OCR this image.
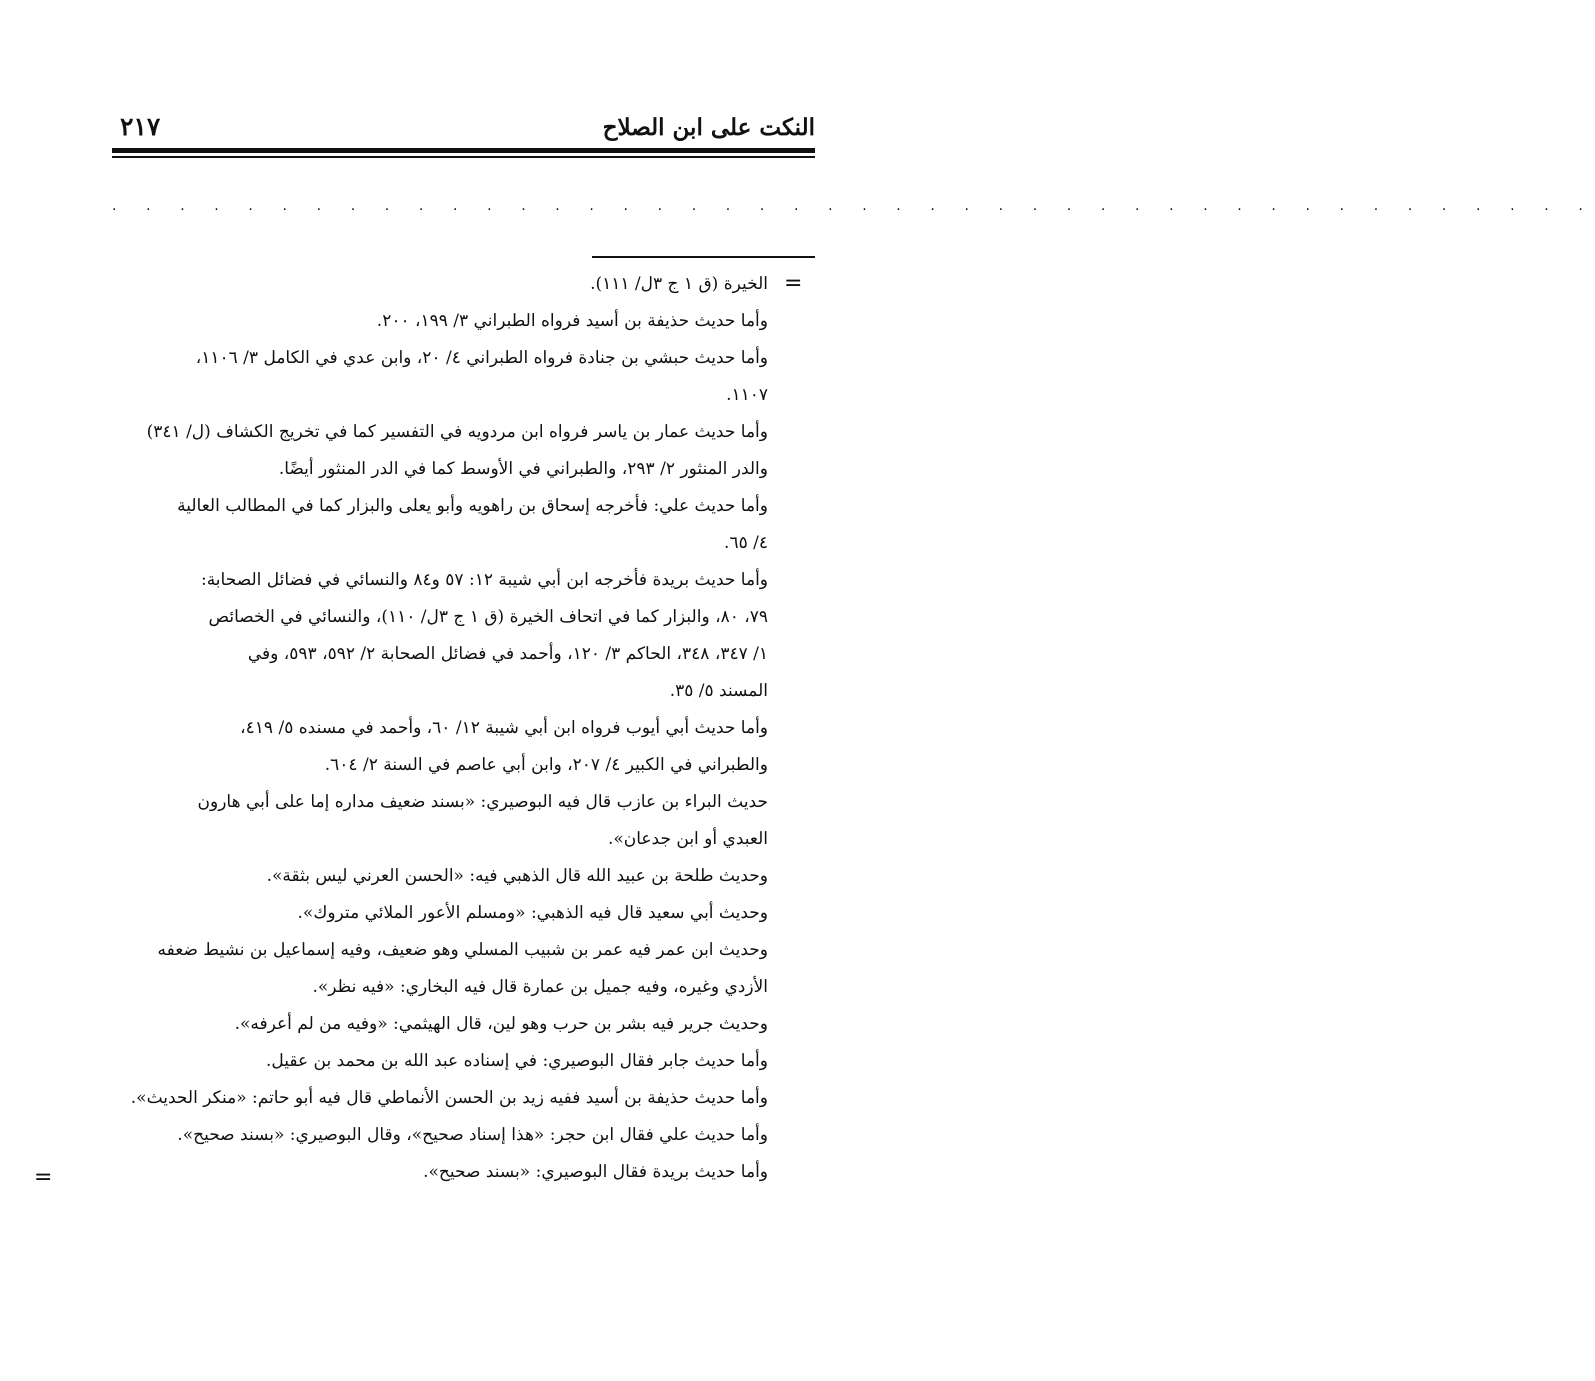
النكت على ابن الصلاح
٢١٧
. . . . . . . . . . . . . . . . . . . . . . . . . . . . . . . . . . . . . . . . . . . .
=

الخيرة (ق ١ ج ٣ل/ ١١١).

وأما حديث حذيفة بن أسيد فرواه الطبراني ٣/ ١٩٩، ٢٠٠.

وأما حديث حبشي بن جنادة فرواه الطبراني ٤/ ٢٠، وابن عدي في الكامل ٣/ ١١٠٦،

١١٠٧.

وأما حديث عمار بن ياسر فرواه ابن مردويه في التفسير كما في تخريج الكشاف (ل/ ٣٤١)

والدر المنثور ٢/ ٢٩٣، والطبراني في الأوسط كما في الدر المنثور أيضًا.

وأما حديث علي: فأخرجه إسحاق بن راهويه وأبو يعلى والبزار كما في المطالب العالية

٤/ ٦٥.

وأما حديث بريدة فأخرجه ابن أبي شيبة ١٢: ٥٧ و٨٤ والنسائي في فضائل الصحابة:

٧٩، ٨٠، والبزار كما في اتحاف الخيرة (ق ١ ج ٣ل/ ١١٠)، والنسائي في الخصائص

١/ ٣٤٧، ٣٤٨، الحاكم ٣/ ١٢٠، وأحمد في فضائل الصحابة ٢/ ٥٩٢، ٥٩٣، وفي

المسند ٥/ ٣٥.

وأما حديث أبي أيوب فرواه ابن أبي شيبة ١٢/ ٦٠، وأحمد في مسنده ٥/ ٤١٩،

والطبراني في الكبير ٤/ ٢٠٧، وابن أبي عاصم في السنة ٢/ ٦٠٤.

حديث البراء بن عازب قال فيه البوصيري: «بسند ضعيف مداره إما على أبي هارون

العبدي أو ابن جدعان».

وحديث طلحة بن عبيد الله قال الذهبي فيه: «الحسن العرني ليس بثقة».

وحديث أبي سعيد قال فيه الذهبي: «ومسلم الأعور الملائي متروك».

وحديث ابن عمر فيه عمر بن شبيب المسلي وهو ضعيف، وفيه إسماعيل بن نشيط ضعفه

الأزدي وغيره، وفيه جميل بن عمارة قال فيه البخاري: «فيه نظر».

وحديث جرير فيه بشر بن حرب وهو لين، قال الهيثمي: «وفيه من لم أعرفه».

وأما حديث جابر فقال البوصيري: في إسناده عبد الله بن محمد بن عقيل.

وأما حديث حذيفة بن أسيد ففيه زيد بن الحسن الأنماطي قال فيه أبو حاتم: «منكر الحديث».

وأما حديث علي فقال ابن حجر: «هذا إسناد صحيح»، وقال البوصيري: «بسند صحيح».

وأما حديث بريدة فقال البوصيري: «بسند صحيح».

=
